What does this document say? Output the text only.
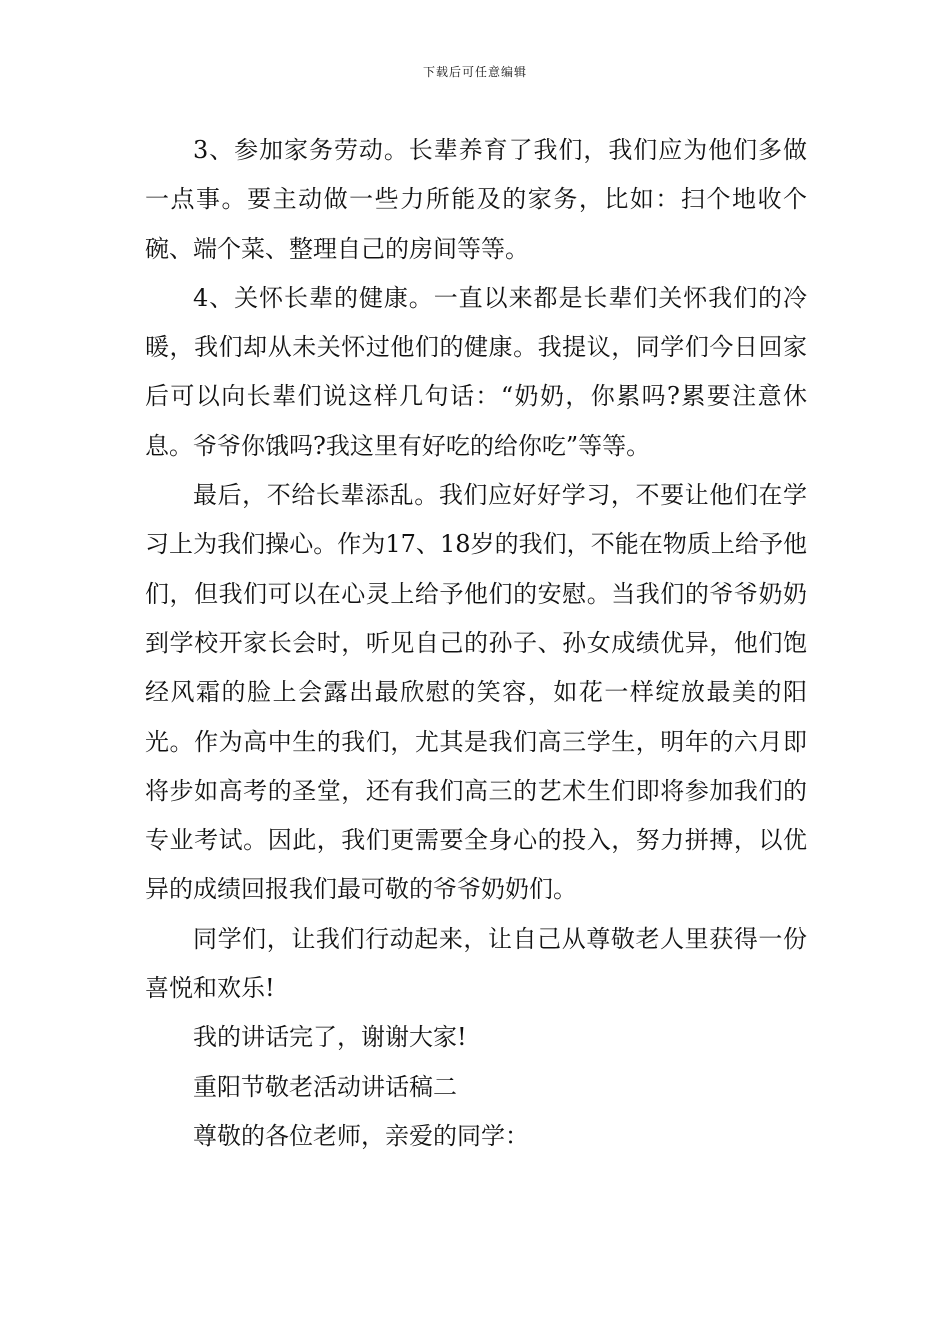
下载后可任意编辑

3、参加家务劳动。长辈养育了我们，我们应为他们多做一点事。要主动做一些力所能及的家务，比如：扫个地收个碗、端个菜、整理自己的房间等等。

4、关怀长辈的健康。一直以来都是长辈们关怀我们的冷暖，我们却从未关怀过他们的健康。我提议，同学们今日回家后可以向长辈们说这样几句话：“奶奶，你累吗?累要注意休息。爷爷你饿吗?我这里有好吃的给你吃”等等。

最后，不给长辈添乱。我们应好好学习，不要让他们在学习上为我们操心。作为17、18岁的我们，不能在物质上给予他们，但我们可以在心灵上给予他们的安慰。当我们的爷爷奶奶到学校开家长会时，听见自己的孙子、孙女成绩优异，他们饱经风霜的脸上会露出最欣慰的笑容，如花一样绽放最美的阳光。作为高中生的我们，尤其是我们高三学生，明年的六月即将步如高考的圣堂，还有我们高三的艺术生们即将参加我们的专业考试。因此，我们更需要全身心的投入，努力拼搏，以优异的成绩回报我们最可敬的爷爷奶奶们。

同学们，让我们行动起来，让自己从尊敬老人里获得一份喜悦和欢乐!

我的讲话完了，谢谢大家!

重阳节敬老活动讲话稿二

尊敬的各位老师，亲爱的同学：
